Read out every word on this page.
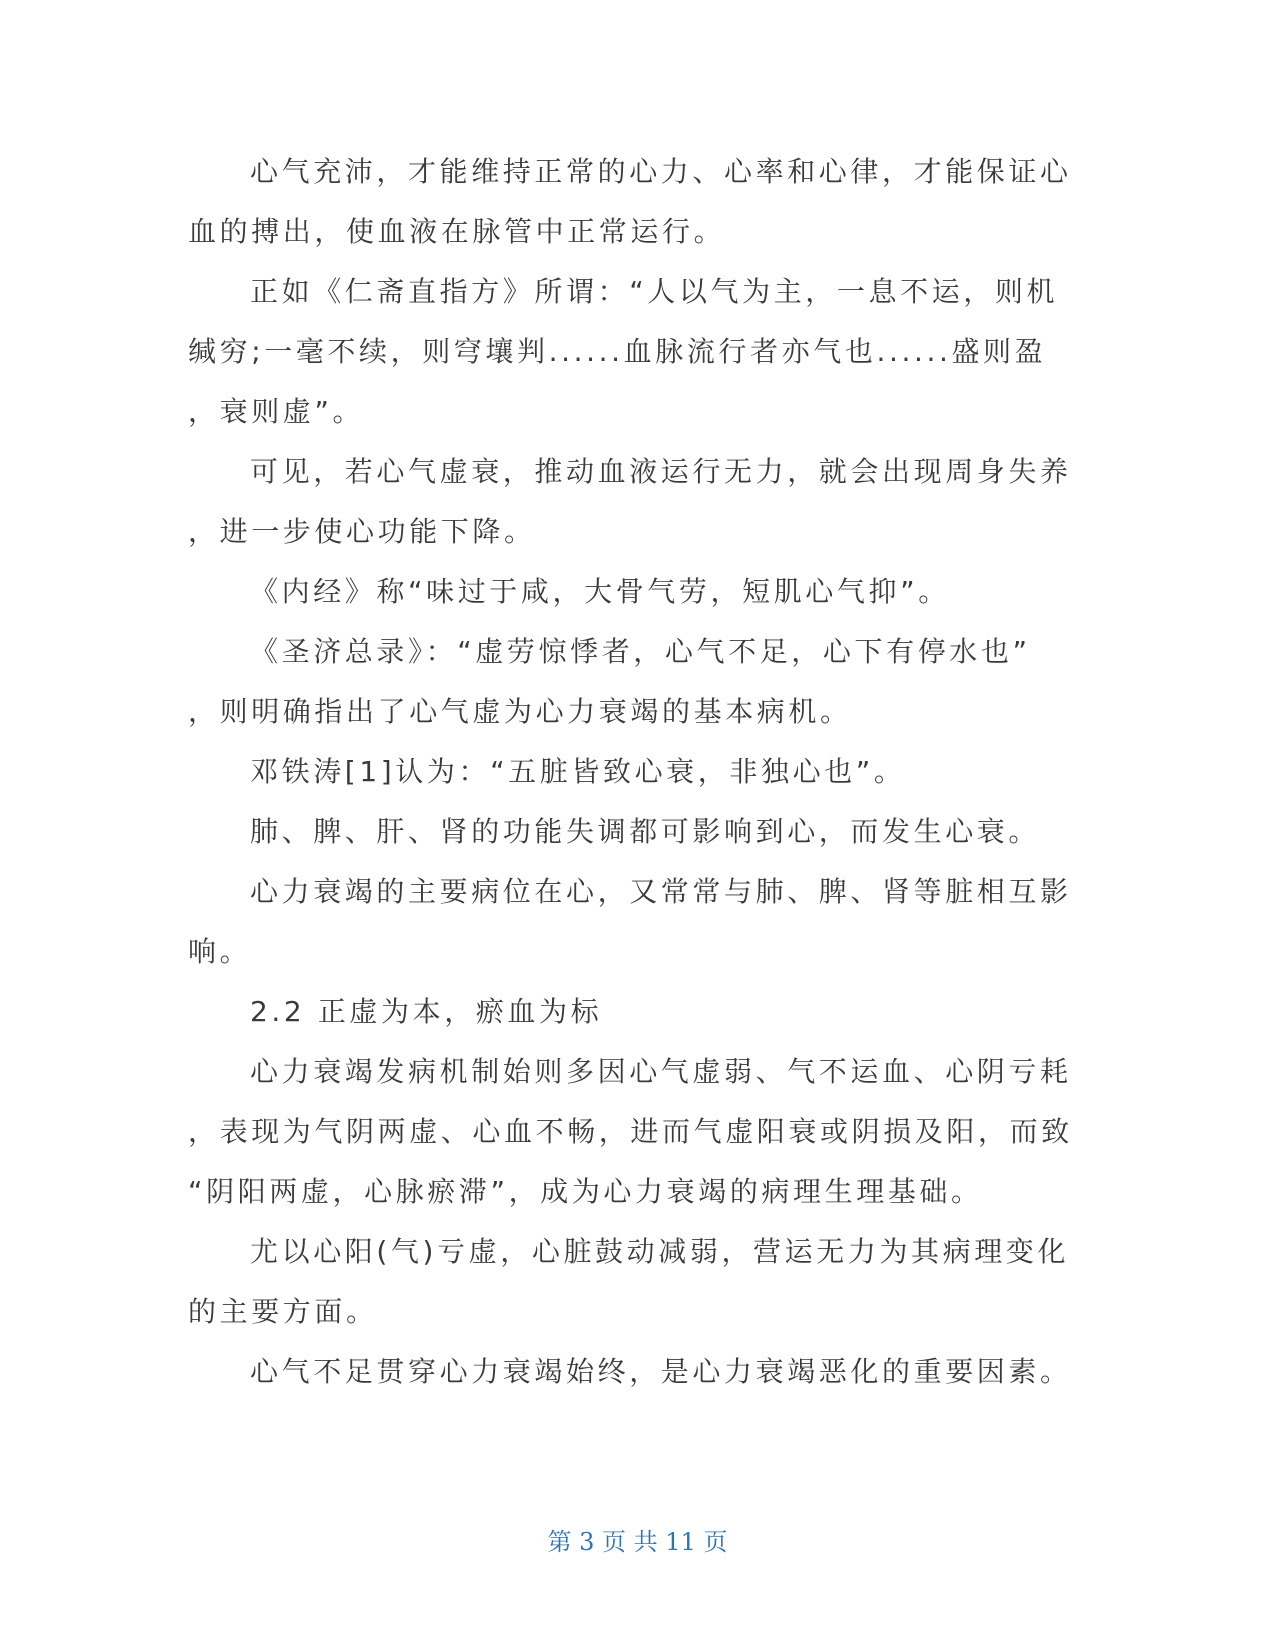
心气充沛，才能维持正常的心力、心率和心律，才能保证心

血的搏出，使血液在脉管中正常运行。

正如《仁斋直指方》所谓：“人以气为主，一息不运，则机

缄穷;一毫不续，则穹壤判......血脉流行者亦气也......盛则盈

，衰则虚”。

可见，若心气虚衰，推动血液运行无力，就会出现周身失养

，进一步使心功能下降。

《内经》称“味过于咸，大骨气劳，短肌心气抑”。

《圣济总录》：“虚劳惊悸者，心气不足，心下有停水也”

，则明确指出了心气虚为心力衰竭的基本病机。

邓铁涛[1]认为：“五脏皆致心衰，非独心也”。

肺、脾、肝、肾的功能失调都可影响到心，而发生心衰。

心力衰竭的主要病位在心，又常常与肺、脾、肾等脏相互影

响。

2.2 正虚为本，瘀血为标

心力衰竭发病机制始则多因心气虚弱、气不运血、心阴亏耗

，表现为气阴两虚、心血不畅，进而气虚阳衰或阴损及阳，而致

“阴阳两虚，心脉瘀滞”，成为心力衰竭的病理生理基础。

尤以心阳(气)亏虚，心脏鼓动减弱，营运无力为其病理变化

的主要方面。

心气不足贯穿心力衰竭始终，是心力衰竭恶化的重要因素。

第 3 页 共 11 页
